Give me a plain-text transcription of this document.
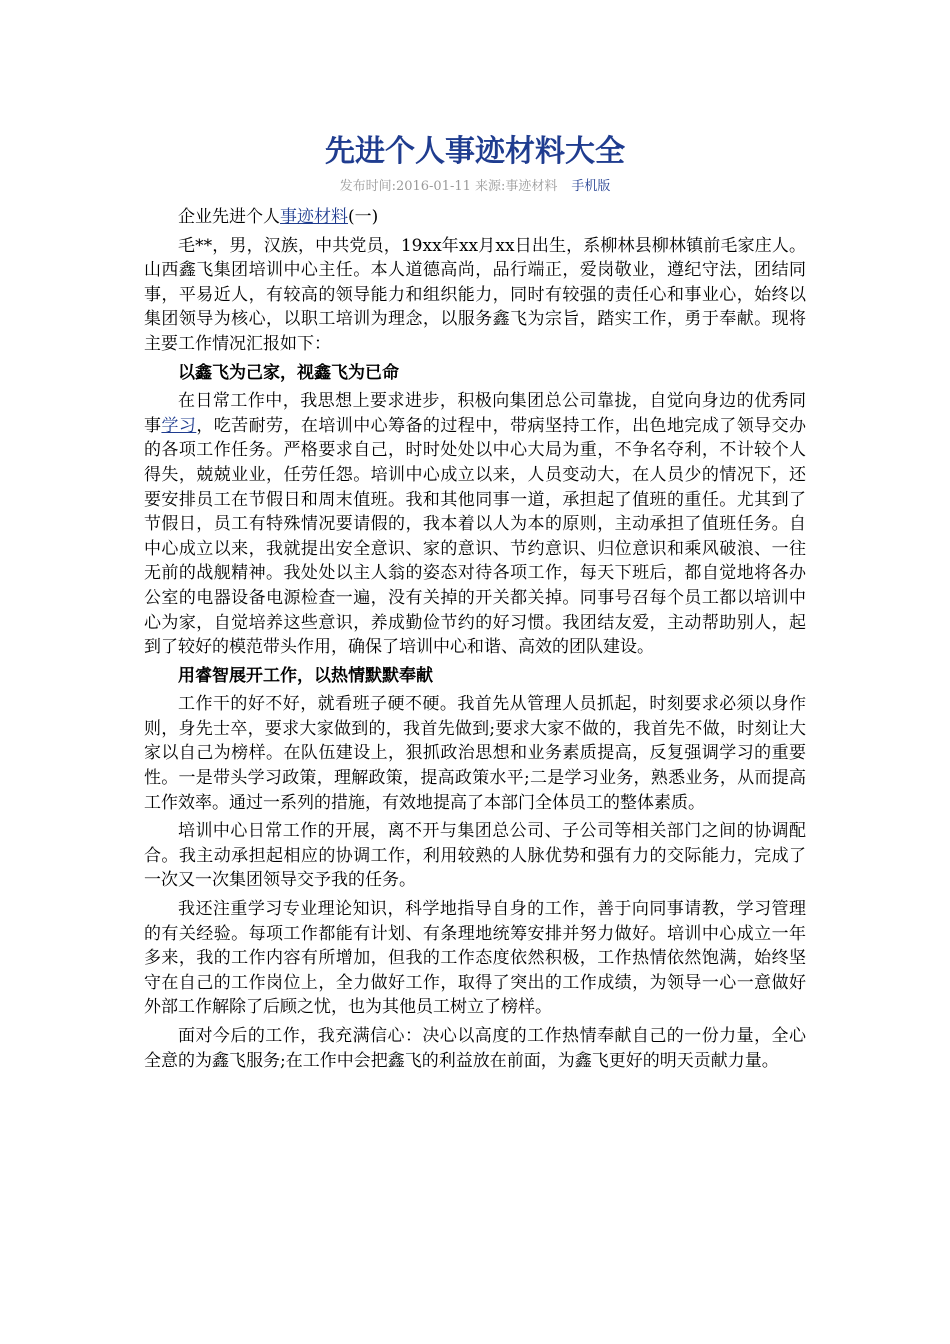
先进个人事迹材料大全
发布时间:2016-01-11 来源:事迹材料 手机版

企业先进个人事迹材料(一)

毛**，男，汉族，中共党员，19xx年xx月xx日出生，系柳林县柳林镇前毛家庄人。山西鑫飞集团培训中心主任。本人道德高尚，品行端正，爱岗敬业，遵纪守法，团结同事，平易近人，有较高的领导能力和组织能力，同时有较强的责任心和事业心，始终以集团领导为核心，以职工培训为理念，以服务鑫飞为宗旨，踏实工作，勇于奉献。现将主要工作情况汇报如下：

以鑫飞为己家，视鑫飞为已命

在日常工作中，我思想上要求进步，积极向集团总公司靠拢，自觉向身边的优秀同事学习，吃苦耐劳，在培训中心筹备的过程中，带病坚持工作，出色地完成了领导交办的各项工作任务。严格要求自己，时时处处以中心大局为重，不争名夺利，不计较个人得失，兢兢业业，任劳任怨。培训中心成立以来，人员变动大，在人员少的情况下，还要安排员工在节假日和周末值班。我和其他同事一道，承担起了值班的重任。尤其到了节假日，员工有特殊情况要请假的，我本着以人为本的原则，主动承担了值班任务。自中心成立以来，我就提出安全意识、家的意识、节约意识、归位意识和乘风破浪、一往无前的战舰精神。我处处以主人翁的姿态对待各项工作，每天下班后，都自觉地将各办公室的电器设备电源检查一遍，没有关掉的开关都关掉。同事号召每个员工都以培训中心为家，自觉培养这些意识，养成勤俭节约的好习惯。我团结友爱，主动帮助别人，起到了较好的模范带头作用，确保了培训中心和谐、高效的团队建设。

用睿智展开工作，以热情默默奉献

工作干的好不好，就看班子硬不硬。我首先从管理人员抓起，时刻要求必须以身作则，身先士卒，要求大家做到的，我首先做到;要求大家不做的，我首先不做，时刻让大家以自己为榜样。在队伍建设上，狠抓政治思想和业务素质提高，反复强调学习的重要性。一是带头学习政策，理解政策，提高政策水平;二是学习业务，熟悉业务，从而提高工作效率。通过一系列的措施，有效地提高了本部门全体员工的整体素质。

培训中心日常工作的开展，离不开与集团总公司、子公司等相关部门之间的协调配合。我主动承担起相应的协调工作，利用较熟的人脉优势和强有力的交际能力，完成了一次又一次集团领导交予我的任务。

我还注重学习专业理论知识，科学地指导自身的工作，善于向同事请教，学习管理的有关经验。每项工作都能有计划、有条理地统筹安排并努力做好。培训中心成立一年多来，我的工作内容有所增加，但我的工作态度依然积极，工作热情依然饱满，始终坚守在自己的工作岗位上，全力做好工作，取得了突出的工作成绩，为领导一心一意做好外部工作解除了后顾之忧，也为其他员工树立了榜样。

面对今后的工作，我充满信心：决心以高度的工作热情奉献自己的一份力量，全心全意的为鑫飞服务;在工作中会把鑫飞的利益放在前面，为鑫飞更好的明天贡献力量。
